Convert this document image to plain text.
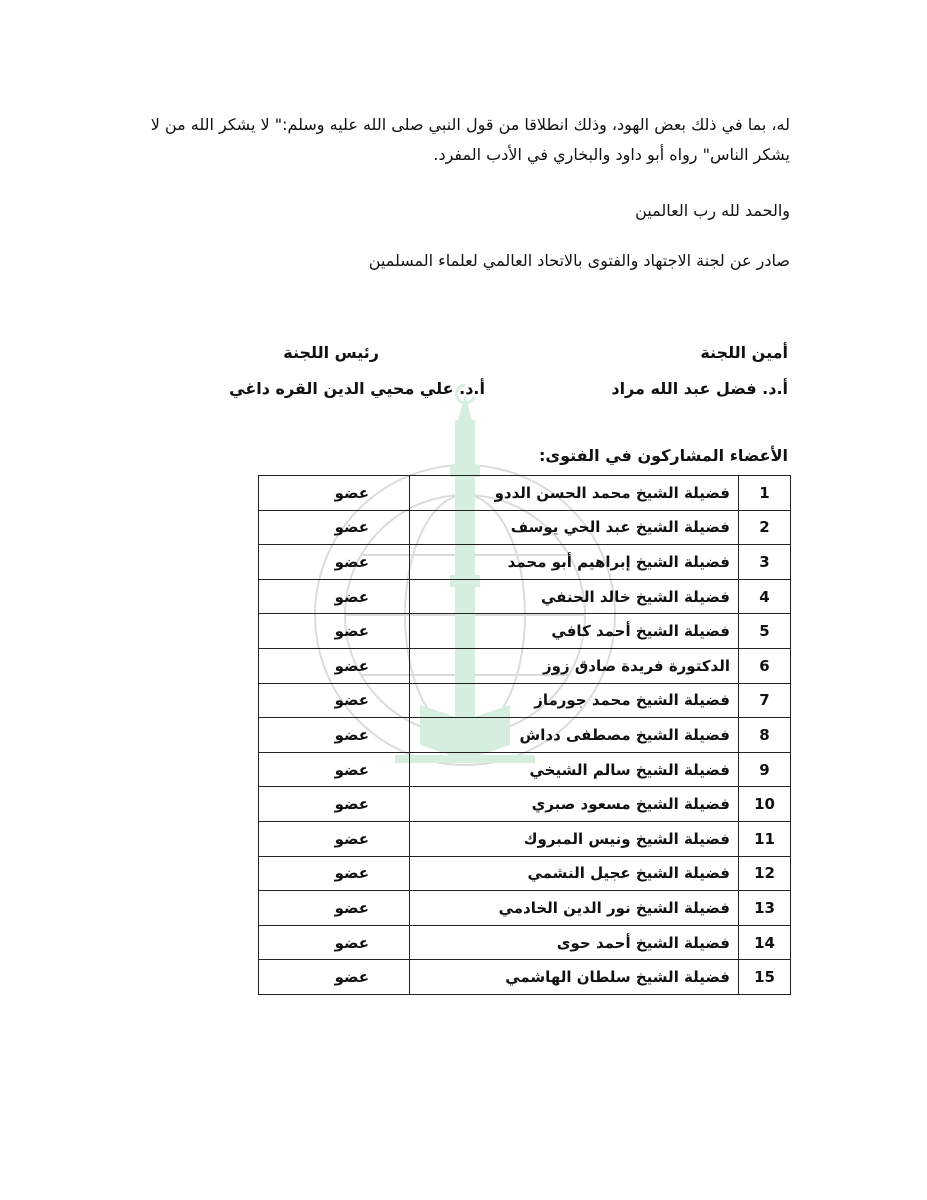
له، بما في ذلك بعض الهود، وذلك انطلاقا من قول النبي صلى الله عليه وسلم:" لا يشكر الله من لا يشكر الناس" رواه أبو داود والبخاري في الأدب المفرد.
والحمد لله رب العالمين
صادر عن لجنة الاجتهاد والفتوى بالاتحاد العالمي لعلماء المسلمين
أمين اللجنة
رئيس اللجنة
أ.د. فضل عبد الله مراد
أ.د. علي محيي الدين القره داغي
الأعضاء المشاركون في الفتوى:
1	فضيلة الشيخ محمد الحسن الددو	عضو
2	فضيلة الشيخ عبد الحي يوسف	عضو
3	فضيلة الشيخ إبراهيم أبو محمد	عضو
4	فضيلة الشيخ خالد الحنفي	عضو
5	فضيلة الشيخ أحمد كافي	عضو
6	الدكتورة فريدة صادق زوز	عضو
7	فضيلة الشيخ محمد جورماز	عضو
8	فضيلة الشيخ مصطفى دداش	عضو
9	فضيلة الشيخ سالم الشيخي	عضو
10	فضيلة الشيخ مسعود صبري	عضو
11	فضيلة الشيخ ونيس المبروك	عضو
12	فضيلة الشيخ عجيل النشمي	عضو
13	فضيلة الشيخ نور الدين الخادمي	عضو
14	فضيلة الشيخ أحمد حوى	عضو
15	فضيلة الشيخ سلطان الهاشمي	عضو
